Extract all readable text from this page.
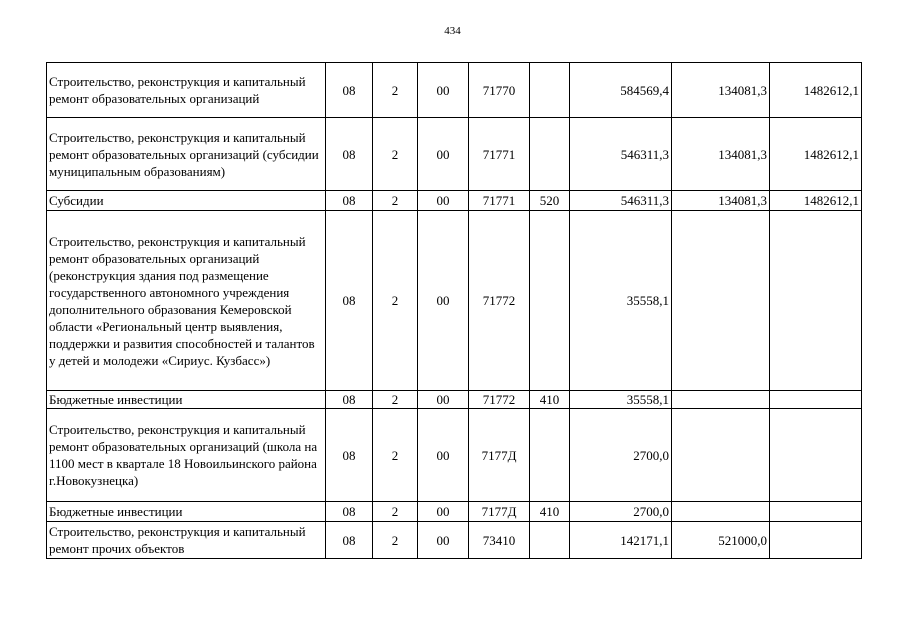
434
Строительство, реконструкция и капитальный ремонт образовательных организаций	08	2	00	71770		584569,4	134081,3	1482612,1
Строительство, реконструкция и капитальный ремонт образовательных организаций (субсидии муниципальным образованиям)	08	2	00	71771		546311,3	134081,3	1482612,1
Субсидии	08	2	00	71771	520	546311,3	134081,3	1482612,1
Строительство, реконструкция и капитальный ремонт образовательных организаций (реконструкция здания под размещение государственного автономного учреждения дополнительного образования Кемеровской области «Региональный центр выявления, поддержки и развития способностей и талантов у детей и молодежи «Сириус. Кузбасс»)	08	2	00	71772		35558,1		
Бюджетные инвестиции	08	2	00	71772	410	35558,1		
Строительство, реконструкция и капитальный ремонт образовательных организаций (школа на 1100 мест в квартале 18 Новоильинского района г.Новокузнецка)	08	2	00	7177Д		2700,0		
Бюджетные инвестиции	08	2	00	7177Д	410	2700,0		
Строительство, реконструкция и капитальный ремонт прочих объектов	08	2	00	73410		142171,1	521000,0	
